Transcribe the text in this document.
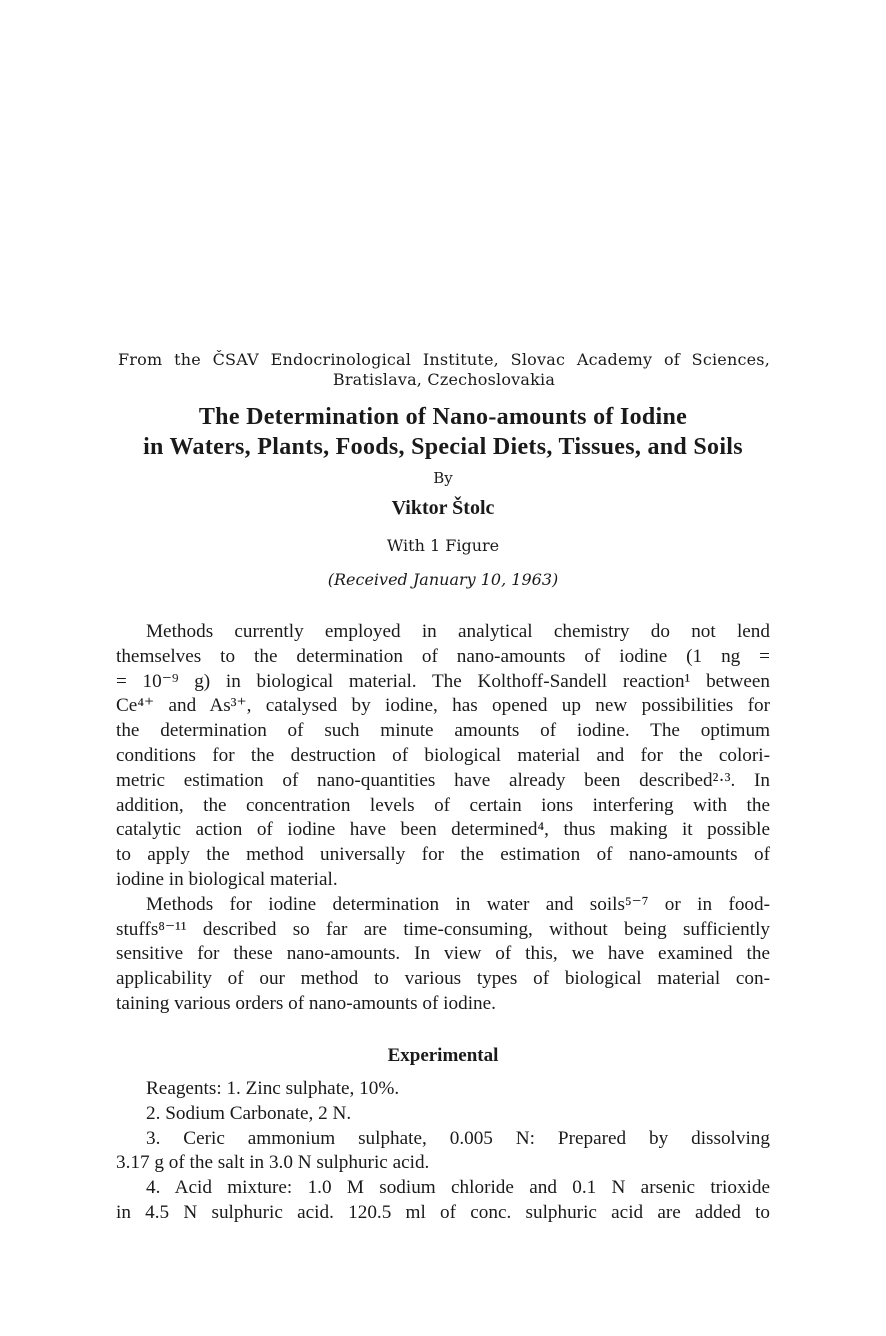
From the ČSAV Endocrinological Institute, Slovac Academy of Sciences,
Bratislava, Czechoslovakia
The Determination of Nano-amounts of Iodine
in Waters, Plants, Foods, Special Diets, Tissues, and Soils
By
Viktor Štolc
With 1 Figure
(Received January 10, 1963)
Methods currently employed in analytical chemistry do not lend
themselves to the determination of nano-amounts of iodine (1 ng =
= 10⁻⁹ g) in biological material. The Kolthoff-Sandell reaction¹ between
Ce⁴⁺ and As³⁺, catalysed by iodine, has opened up new possibilities for
the determination of such minute amounts of iodine. The optimum
conditions for the destruction of biological material and for the colori-
metric estimation of nano-quantities have already been described²·³. In
addition, the concentration levels of certain ions interfering with the
catalytic action of iodine have been determined⁴, thus making it possible
to apply the method universally for the estimation of nano-amounts of
iodine in biological material.
Methods for iodine determination in water and soils⁵⁻⁷ or in food-
stuffs⁸⁻¹¹ described so far are time-consuming, without being sufficiently
sensitive for these nano-amounts. In view of this, we have examined the
applicability of our method to various types of biological material con-
taining various orders of nano-amounts of iodine.
Experimental
Reagents: 1. Zinc sulphate, 10%.
2. Sodium Carbonate, 2 N.
3. Ceric ammonium sulphate, 0.005 N: Prepared by dissolving
3.17 g of the salt in 3.0 N sulphuric acid.
4. Acid mixture: 1.0 M sodium chloride and 0.1 N arsenic trioxide
in 4.5 N sulphuric acid. 120.5 ml of conc. sulphuric acid are added to
